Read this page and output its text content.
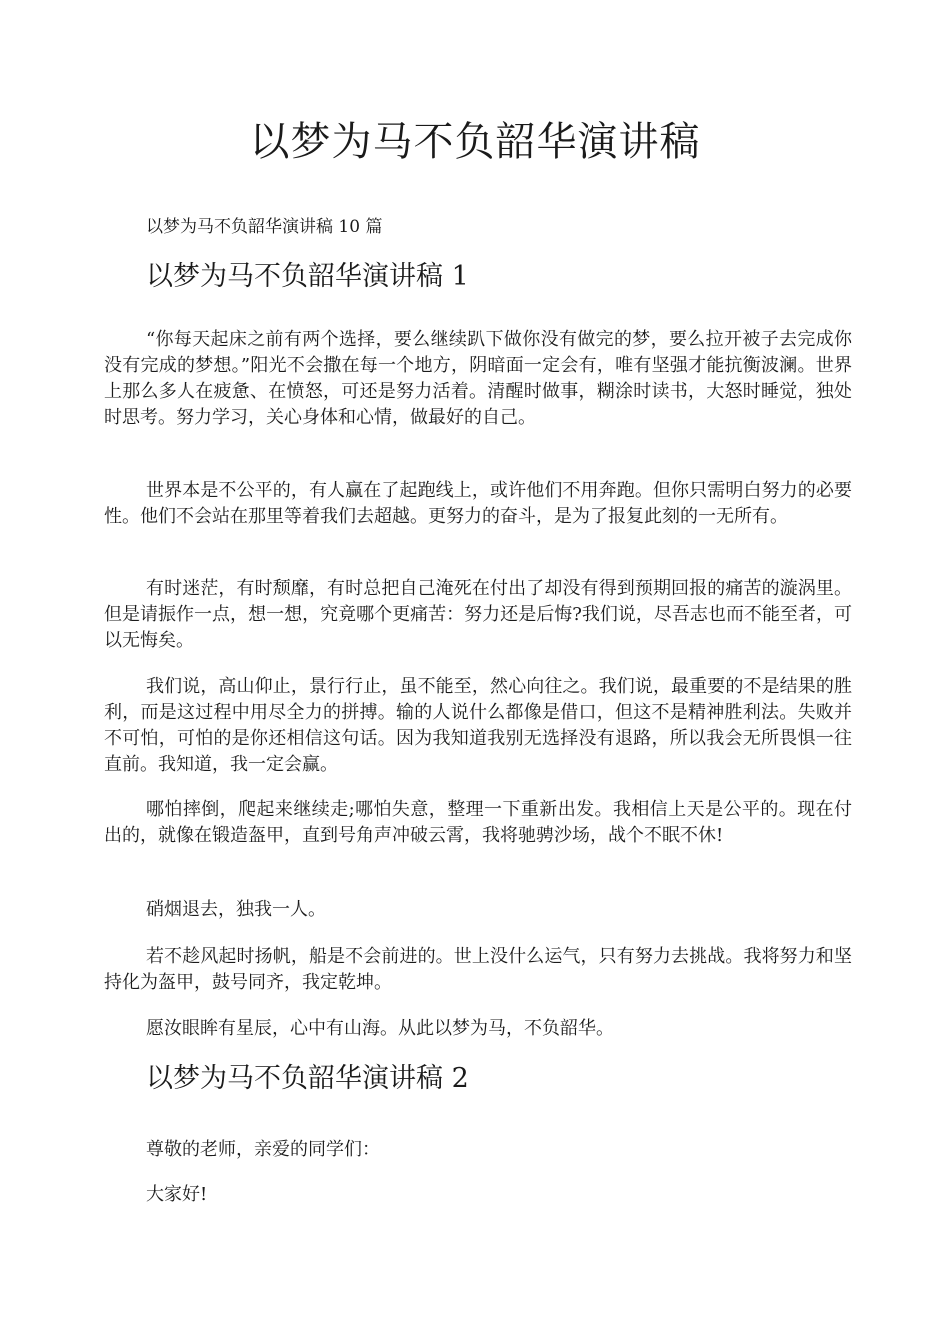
以梦为马不负韶华演讲稿

以梦为马不负韶华演讲稿 10 篇

以梦为马不负韶华演讲稿 1

“你每天起床之前有两个选择，要么继续趴下做你没有做完的梦，要么拉开被子去完成你没有完成的梦想。”阳光不会撒在每一个地方，阴暗面一定会有，唯有坚强才能抗衡波澜。世界上那么多人在疲惫、在愤怒，可还是努力活着。清醒时做事，糊涂时读书，大怒时睡觉，独处时思考。努力学习，关心身体和心情，做最好的自己。

世界本是不公平的，有人赢在了起跑线上，或许他们不用奔跑。但你只需明白努力的必要性。他们不会站在那里等着我们去超越。更努力的奋斗，是为了报复此刻的一无所有。

有时迷茫，有时颓靡，有时总把自己淹死在付出了却没有得到预期回报的痛苦的漩涡里。但是请振作一点，想一想，究竟哪个更痛苦：努力还是后悔?我们说，尽吾志也而不能至者，可以无悔矣。

我们说，高山仰止，景行行止，虽不能至，然心向往之。我们说，最重要的不是结果的胜利，而是这过程中用尽全力的拼搏。输的人说什么都像是借口，但这不是精神胜利法。失败并不可怕，可怕的是你还相信这句话。因为我知道我别无选择没有退路，所以我会无所畏惧一往直前。我知道，我一定会赢。

哪怕摔倒，爬起来继续走;哪怕失意，整理一下重新出发。我相信上天是公平的。现在付出的，就像在锻造盔甲，直到号角声冲破云霄，我将驰骋沙场，战个不眠不休!

硝烟退去，独我一人。

若不趁风起时扬帆，船是不会前进的。世上没什么运气，只有努力去挑战。我将努力和坚持化为盔甲，鼓号同齐，我定乾坤。

愿汝眼眸有星辰，心中有山海。从此以梦为马，不负韶华。

以梦为马不负韶华演讲稿 2

尊敬的老师，亲爱的同学们：

大家好!
